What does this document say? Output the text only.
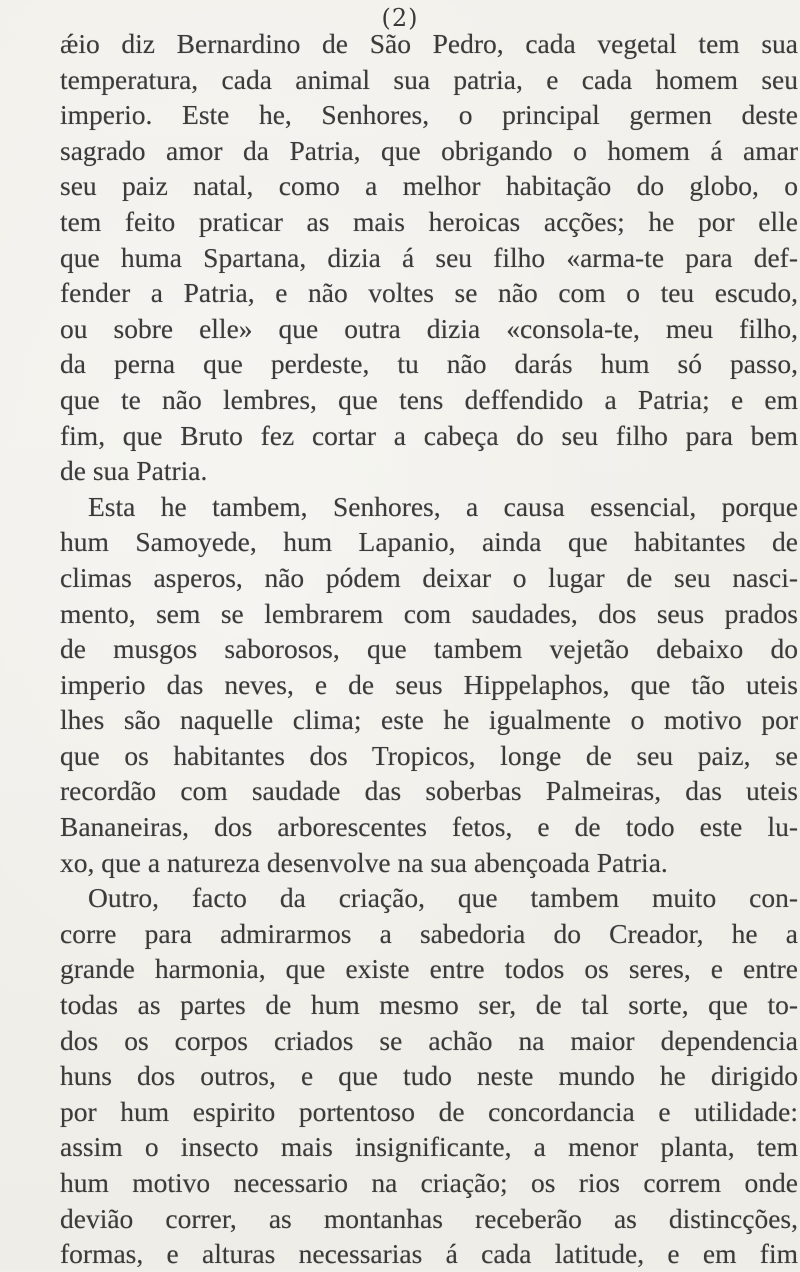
(2)
ǽio diz Bernardino de São Pedro, cada vegetal tem sua
temperatura, cada animal sua patria, e cada homem seu
imperio. Este he, Senhores, o principal germen deste
sagrado amor da Patria, que obrigando o homem á amar
seu paiz natal, como a melhor habitação do globo, o
tem feito praticar as mais heroicas acções; he por elle
que huma Spartana, dizia á seu filho «arma-te para def-
fender a Patria, e não voltes se não com o teu escudo,
ou sobre elle» que outra dizia «consola-te, meu filho,
da perna que perdeste, tu não darás hum só passo,
que te não lembres, que tens deffendido a Patria; e em
fim, que Bruto fez cortar a cabeça do seu filho para bem
de sua Patria.
Esta he tambem, Senhores, a causa essencial, porque
hum Samoyede, hum Lapanio, ainda que habitantes de
climas asperos, não pódem deixar o lugar de seu nasci-
mento, sem se lembrarem com saudades, dos seus prados
de musgos saborosos, que tambem vejetão debaixo do
imperio das neves, e de seus Hippelaphos, que tão uteis
lhes são naquelle clima; este he igualmente o motivo por
que os habitantes dos Tropicos, longe de seu paiz, se
recordão com saudade das soberbas Palmeiras, das uteis
Bananeiras, dos arborescentes fetos, e de todo este lu-
xo, que a natureza desenvolve na sua abençoada Patria.
Outro, facto da criação, que tambem muito con-
corre para admirarmos a sabedoria do Creador, he a
grande harmonia, que existe entre todos os seres, e entre
todas as partes de hum mesmo ser, de tal sorte, que to-
dos os corpos criados se achão na maior dependencia
huns dos outros, e que tudo neste mundo he dirigido
por hum espirito portentoso de concordancia e utilidade:
assim o insecto mais insignificante, a menor planta, tem
hum motivo necessario na criação; os rios correm onde
devião correr, as montanhas receberão as distincções,
formas, e alturas necessarias á cada latitude, e em fim
